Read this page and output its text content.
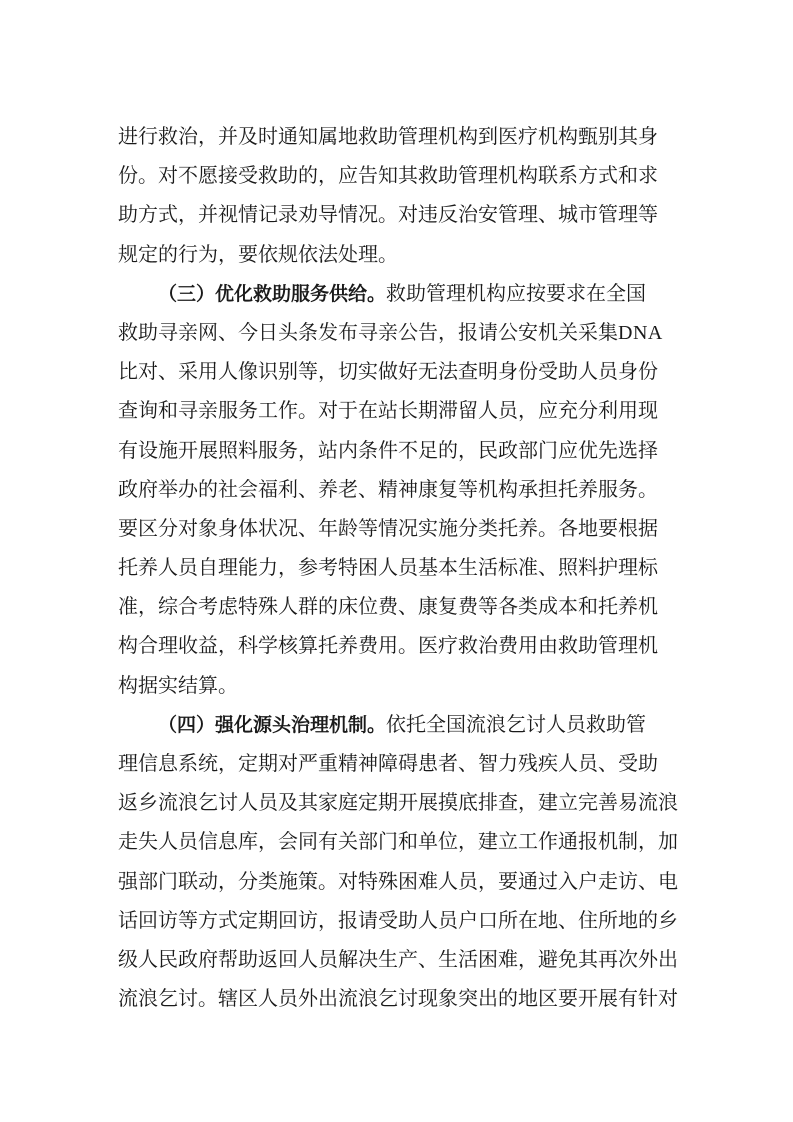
进行救治，并及时通知属地救助管理机构到医疗机构甄别其身
份。对不愿接受救助的，应告知其救助管理机构联系方式和求
助方式，并视情记录劝导情况。对违反治安管理、城市管理等
规定的行为，要依规依法处理。

（三）优化救助服务供给。救助管理机构应按要求在全国
救助寻亲网、今日头条发布寻亲公告，报请公安机关采集DNA
比对、采用人像识别等，切实做好无法查明身份受助人员身份
查询和寻亲服务工作。对于在站长期滞留人员，应充分利用现
有设施开展照料服务，站内条件不足的，民政部门应优先选择
政府举办的社会福利、养老、精神康复等机构承担托养服务。
要区分对象身体状况、年龄等情况实施分类托养。各地要根据
托养人员自理能力，参考特困人员基本生活标准、照料护理标
准，综合考虑特殊人群的床位费、康复费等各类成本和托养机
构合理收益，科学核算托养费用。医疗救治费用由救助管理机
构据实结算。

（四）强化源头治理机制。依托全国流浪乞讨人员救助管
理信息系统，定期对严重精神障碍患者、智力残疾人员、受助
返乡流浪乞讨人员及其家庭定期开展摸底排查，建立完善易流浪
走失人员信息库，会同有关部门和单位，建立工作通报机制，加
强部门联动，分类施策。对特殊困难人员，要通过入户走访、电
话回访等方式定期回访，报请受助人员户口所在地、住所地的乡
级人民政府帮助返回人员解决生产、生活困难，避免其再次外出
流浪乞讨。辖区人员外出流浪乞讨现象突出的地区要开展有针对
